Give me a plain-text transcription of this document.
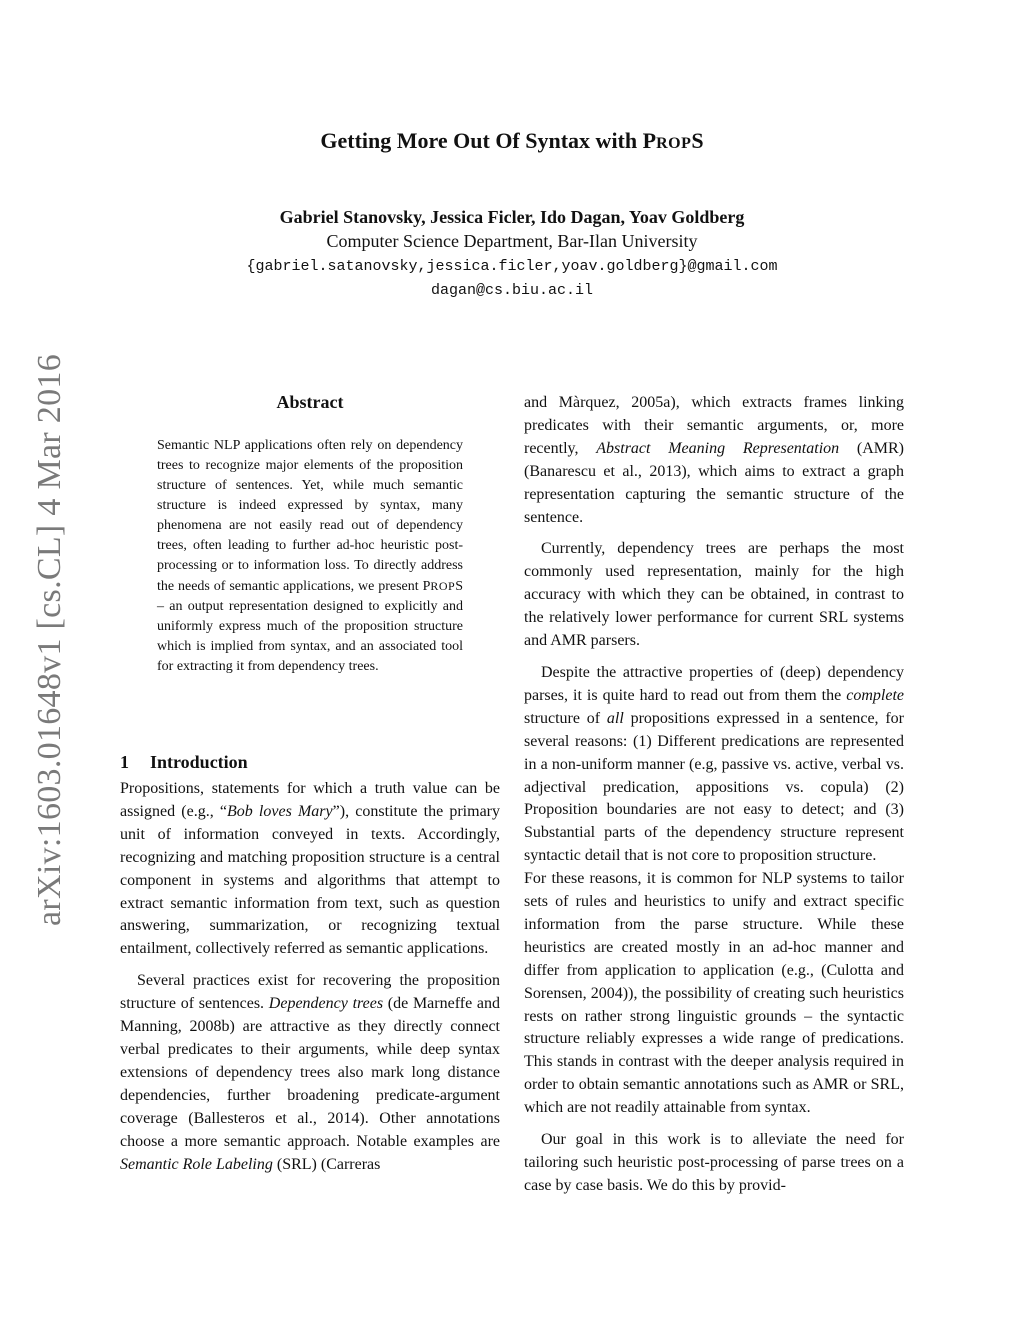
arXiv:1603.01648v1 [cs.CL] 4 Mar 2016
Getting More Out Of Syntax with PROPS
Gabriel Stanovsky, Jessica Ficler, Ido Dagan, Yoav Goldberg
Computer Science Department, Bar-Ilan University
{gabriel.satanovsky,jessica.ficler,yoav.goldberg}@gmail.com
dagan@cs.biu.ac.il
Abstract

Semantic NLP applications often rely on dependency trees to recognize major elements of the proposition structure of sentences. Yet, while much semantic structure is indeed expressed by syntax, many phenomena are not easily read out of dependency trees, often leading to further ad-hoc heuristic post-processing or to information loss. To directly address the needs of semantic applications, we present PROPS – an output representation designed to explicitly and uniformly express much of the proposition structure which is implied from syntax, and an associated tool for extracting it from dependency trees.

1 Introduction

Propositions, statements for which a truth value can be assigned (e.g., “Bob loves Mary”), constitute the primary unit of information conveyed in texts. Accordingly, recognizing and matching proposition structure is a central component in systems and algorithms that attempt to extract semantic information from text, such as question answering, summarization, or recognizing textual entailment, collectively referred as semantic applications.

Several practices exist for recovering the proposition structure of sentences. Dependency trees (de Marneffe and Manning, 2008b) are attractive as they directly connect verbal predicates to their arguments, while deep syntax extensions of dependency trees also mark long distance dependencies, further broadening predicate-argument coverage (Ballesteros et al., 2014). Other annotations choose a more semantic approach. Notable examples are Semantic Role Labeling (SRL) (Carreras

and Màrquez, 2005a), which extracts frames linking predicates with their semantic arguments, or, more recently, Abstract Meaning Representation (AMR) (Banarescu et al., 2013), which aims to extract a graph representation capturing the semantic structure of the sentence.

Currently, dependency trees are perhaps the most commonly used representation, mainly for the high accuracy with which they can be obtained, in contrast to the relatively lower performance for current SRL systems and AMR parsers.

Despite the attractive properties of (deep) dependency parses, it is quite hard to read out from them the complete structure of all propositions expressed in a sentence, for several reasons: (1) Different predications are represented in a non-uniform manner (e.g, passive vs. active, verbal vs. adjectival predication, appositions vs. copula) (2) Proposition boundaries are not easy to detect; and (3) Substantial parts of the dependency structure represent syntactic detail that is not core to proposition structure.

For these reasons, it is common for NLP systems to tailor sets of rules and heuristics to unify and extract specific information from the parse structure. While these heuristics are created mostly in an ad-hoc manner and differ from application to application (e.g., (Culotta and Sorensen, 2004)), the possibility of creating such heuristics rests on rather strong linguistic grounds – the syntactic structure reliably expresses a wide range of predications. This stands in contrast with the deeper analysis required in order to obtain semantic annotations such as AMR or SRL, which are not readily attainable from syntax.

Our goal in this work is to alleviate the need for tailoring such heuristic post-processing of parse trees on a case by case basis. We do this by provid-
